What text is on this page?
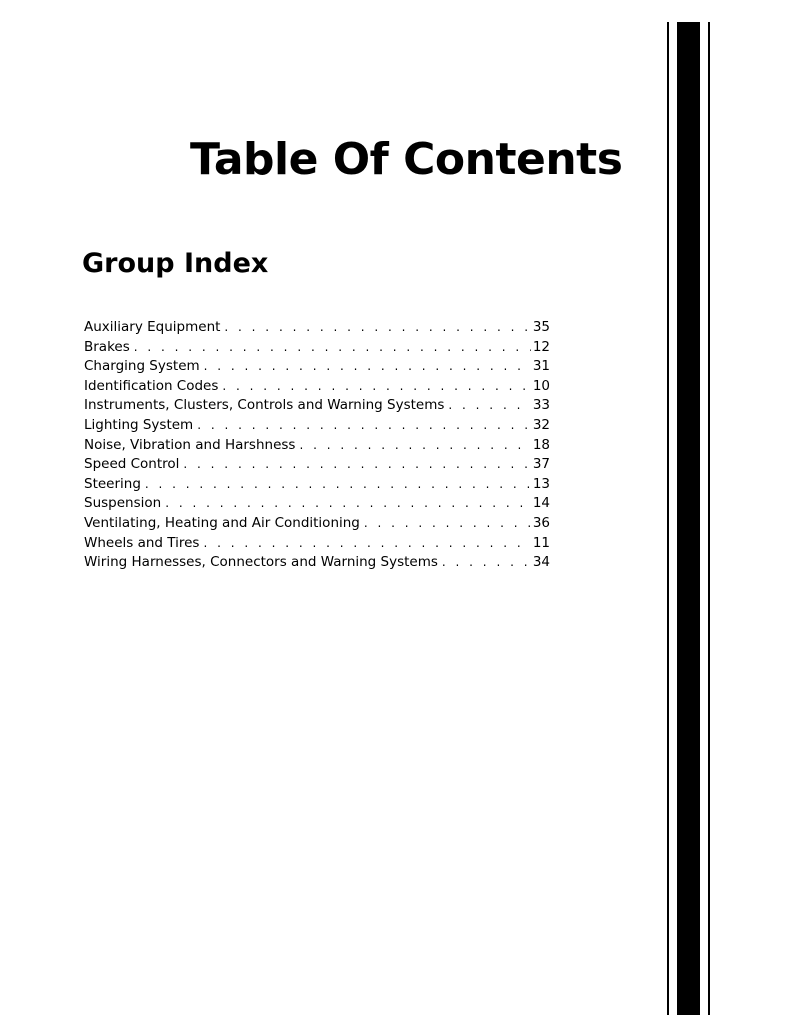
Table Of Contents
Group Index
Auxiliary Equipment . . .	35
Brakes . . .	12
Charging System . . .	31
Identification Codes . . .	10
Instruments, Clusters, Controls and Warning Systems . . .	33
Lighting System . . .	32
Noise, Vibration and Harshness . . .	18
Speed Control . . .	37
Steering . . .	13
Suspension . . .	14
Ventilating, Heating and Air Conditioning . . .	36
Wheels and Tires . . .	11
Wiring Harnesses, Connectors and Warning Systems . . .	34
